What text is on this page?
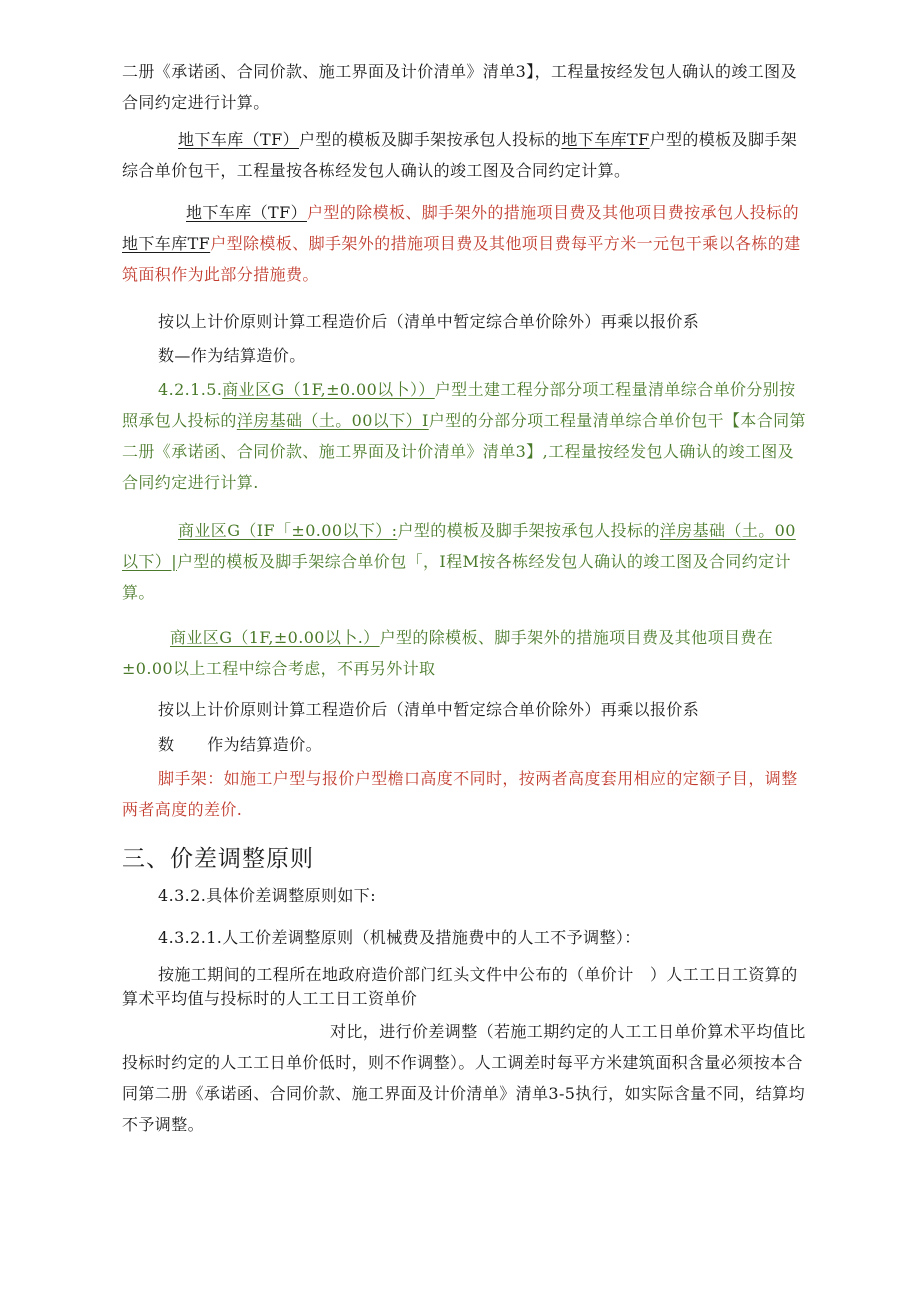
二册《承诺函、合同价款、施工界面及计价清单》清单3】，工程量按经发包人确认的竣工图及合同约定进行计算。

地下车库（TF）户型的模板及脚手架按承包人投标的地下车库TF户型的模板及脚手架综合单价包干，工程量按各栋经发包人确认的竣工图及合同约定计算。

地下车库（TF）户型的除模板、脚手架外的措施项目费及其他项目费按承包人投标的地下车库TF户型除模板、脚手架外的措施项目费及其他项目费每平方米一元包干乘以各栋的建筑面积作为此部分措施费。

按以上计价原则计算工程造价后（清单中暂定综合单价除外）再乘以报价系

数—作为结算造价。

4.2.1.5.商业区G（1F,±0.00以卜））户型土建工程分部分项工程量清单综合单价分别按照承包人投标的洋房基础（土。00以下）I户型的分部分项工程量清单综合单价包干【本合同第二册《承诺函、合同价款、施工界面及计价清单》清单3】,工程量按经发包人确认的竣工图及合同约定进行计算.

商业区G（IF「±0.00以下）:户型的模板及脚手架按承包人投标的洋房基础（土。00以下）|户型的模板及脚手架综合单价包「，I程M按各栋经发包人确认的竣工图及合同约定计算。

商业区G（1F,±0.00以卜.）户型的除模板、脚手架外的措施项目费及其他项目费在±0.00以上工程中综合考虑，不再另外计取

按以上计价原则计算工程造价后（清单中暂定综合单价除外）再乘以报价系

数　　作为结算造价。

脚手架：如施工户型与报价户型檐口高度不同时，按两者高度套用相应的定额子目，调整两者高度的差价.

三、价差调整原则

4.3.2.具体价差调整原则如下:

4.3.2.1.人工价差调整原则（机械费及措施费中的人工不予调整）：

按施工期间的工程所在地政府造价部门红头文件中公布的（单价计　）人工工日工资算的算术平均值与投标时的人工工日工资单价

对比，进行价差调整（若施工期约定的人工工日单价算术平均值比投标时约定的人工工日单价低时，则不作调整）。人工调差时每平方米建筑面积含量必须按本合同第二册《承诺函、合同价款、施工界面及计价清单》清单3-5执行，如实际含量不同，结算均不予调整。
